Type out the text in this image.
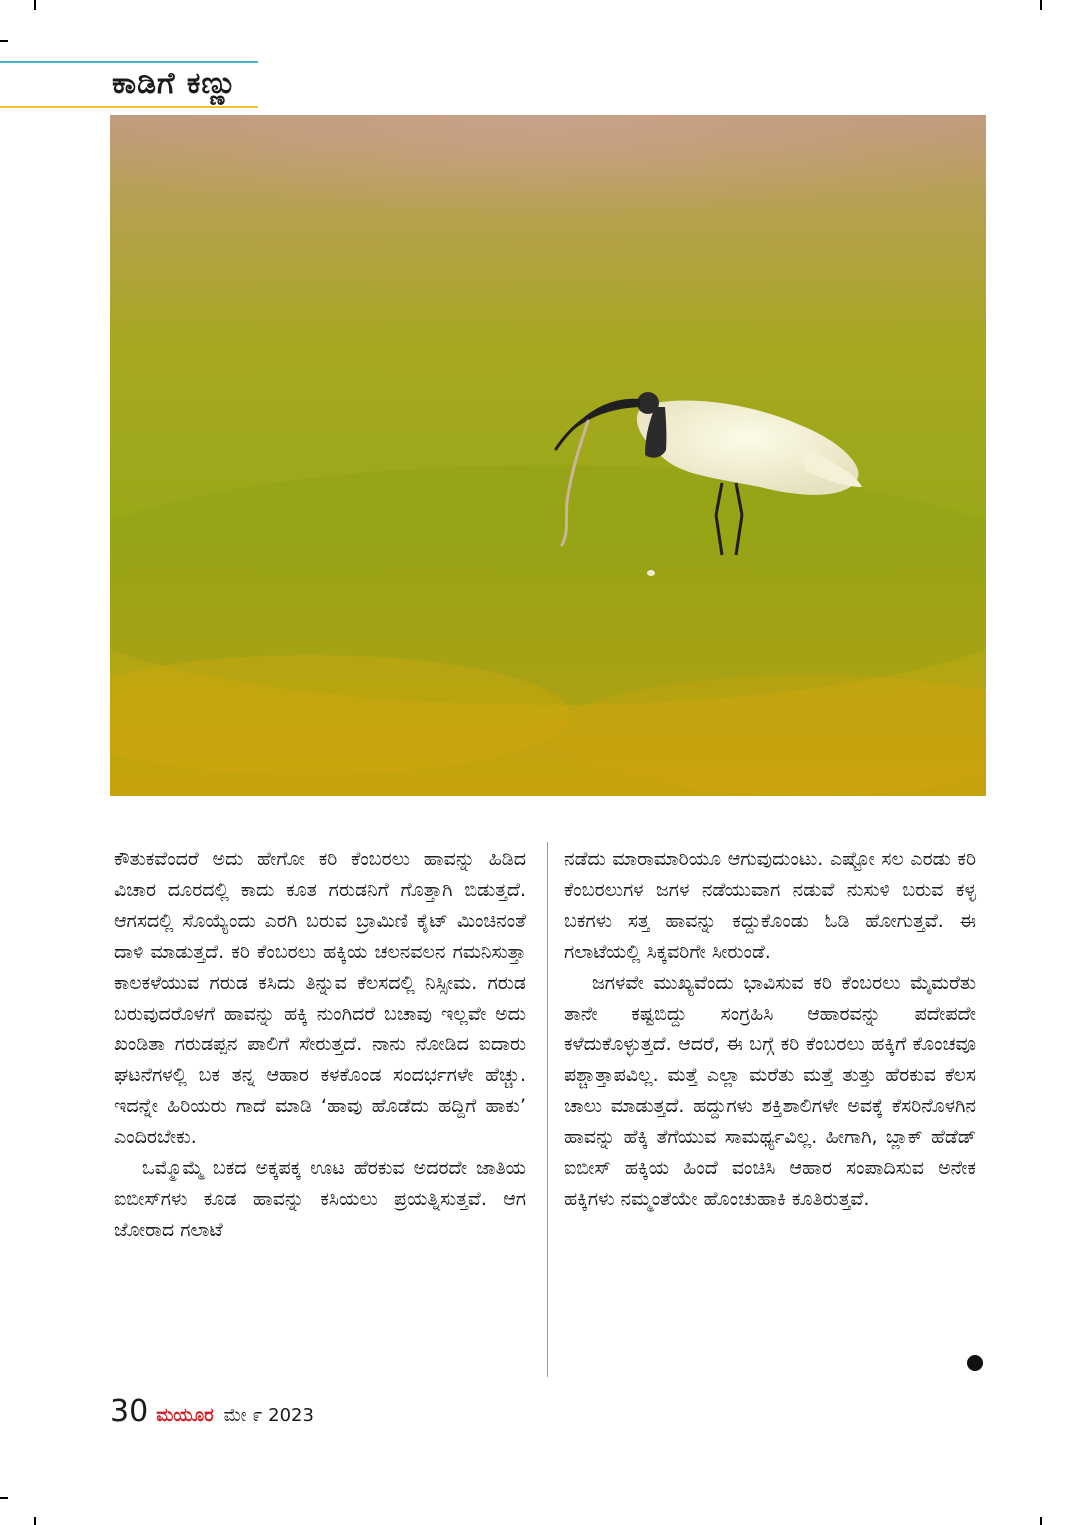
ಕಾಡಿಗೆ ಕಣ್ಣು

ಕೌತುಕವೆಂದರೆ ಅದು ಹೇಗೋ ಕರಿ ಕೆಂಬರಲು ಹಾವನ್ನು ಹಿಡಿದ ವಿಚಾರ ದೂರದಲ್ಲಿ ಕಾದು ಕೂತ ಗರುಡನಿಗೆ ಗೊತ್ತಾಗಿ ಬಿಡುತ್ತದೆ. ಆಗಸದಲ್ಲಿ ಸೊಯ್ಯೆಂದು ಎರಗಿ ಬರುವ ಬ್ರಾಮಿಣಿ ಕೈಟ್ ಮಿಂಚಿನಂತೆ ದಾಳಿ ಮಾಡುತ್ತದೆ. ಕರಿ ಕೆಂಬರಲು ಹಕ್ಕಿಯ ಚಲನವಲನ ಗಮನಿಸುತ್ತಾ ಕಾಲಕಳೆಯುವ ಗರುಡ ಕಸಿದು ತಿನ್ನುವ ಕೆಲಸದಲ್ಲಿ ನಿಸ್ಸೀಮ. ಗರುಡ ಬರುವುದರೊಳಗೆ ಹಾವನ್ನು ಹಕ್ಕಿ ನುಂಗಿದರೆ ಬಚಾವು ಇಲ್ಲವೇ ಅದು ಖಂಡಿತಾ ಗರುಡಪ್ಪನ ಪಾಲಿಗೆ ಸೇರುತ್ತದೆ. ನಾನು ನೋಡಿದ ಐದಾರು ಘಟನೆಗಳಲ್ಲಿ ಬಕ ತನ್ನ ಆಹಾರ ಕಳಕೊಂಡ ಸಂದರ್ಭಗಳೇ ಹೆಚ್ಚು. ಇದನ್ನೇ ಹಿರಿಯರು ಗಾದೆ ಮಾಡಿ ‘ಹಾವು ಹೊಡೆದು ಹದ್ದಿಗೆ ಹಾಕು’ ಎಂದಿರಬೇಕು.

ಒಮ್ಮೊಮ್ಮೆ ಬಕದ ಅಕ್ಕಪಕ್ಕ ಊಟ ಹೆರಕುವ ಅದರದೇ ಜಾತಿಯ ಐಬೀಸ್‌ಗಳು ಕೂಡ ಹಾವನ್ನು ಕಸಿಯಲು ಪ್ರಯತ್ನಿಸುತ್ತವೆ. ಆಗ ಜೋರಾದ ಗಲಾಟೆ

ನಡೆದು ಮಾರಾಮಾರಿಯೂ ಆಗುವುದುಂಟು. ಎಷ್ಟೋ ಸಲ ಎರಡು ಕರಿ ಕೆಂಬರಲುಗಳ ಜಗಳ ನಡೆಯುವಾಗ ನಡುವೆ ನುಸುಳಿ ಬರುವ ಕಳ್ಳ ಬಕಗಳು ಸತ್ತ ಹಾವನ್ನು ಕದ್ದುಕೊಂಡು ಓಡಿ ಹೋಗುತ್ತವೆ. ಈ ಗಲಾಟೆಯಲ್ಲಿ ಸಿಕ್ಕವರಿಗೇ ಸೀರುಂಡೆ.

ಜಗಳವೇ ಮುಖ್ಯವೆಂದು ಭಾವಿಸುವ ಕರಿ ಕೆಂಬರಲು ಮೈಮರೆತು ತಾನೇ ಕಷ್ಟಬಿದ್ದು ಸಂಗ್ರಹಿಸಿ ಆಹಾರವನ್ನು ಪದೇಪದೇ ಕಳೆದುಕೊಳ್ಳುತ್ತದೆ. ಆದರೆ, ಈ ಬಗ್ಗೆ ಕರಿ ಕೆಂಬರಲು ಹಕ್ಕಿಗೆ ಕೊಂಚವೂ ಪಶ್ಚಾತ್ತಾಪವಿಲ್ಲ. ಮತ್ತೆ ಎಲ್ಲಾ ಮರೆತು ಮತ್ತೆ ತುತ್ತು ಹೆರಕುವ ಕೆಲಸ ಚಾಲು ಮಾಡುತ್ತದೆ. ಹದ್ದುಗಳು ಶಕ್ತಿಶಾಲಿಗಳೇ ಅವಕ್ಕೆ ಕೆಸರಿನೊಳಗಿನ ಹಾವನ್ನು ಹೆಕ್ಕಿ ತೆಗೆಯುವ ಸಾಮರ್ಥ್ಯವಿಲ್ಲ. ಹೀಗಾಗಿ, ಬ್ಲಾಕ್ ಹೆಡೆಡ್ ಐಬೀಸ್ ಹಕ್ಕಿಯ ಹಿಂದೆ ವಂಚಿಸಿ ಆಹಾರ ಸಂಪಾದಿಸುವ ಅನೇಕ ಹಕ್ಕಿಗಳು ನಮ್ಮಂತೆಯೇ ಹೊಂಚುಹಾಕಿ ಕೂತಿರುತ್ತವೆ.

30 ಮಯೂರ ಮೇ ೯ 2023
